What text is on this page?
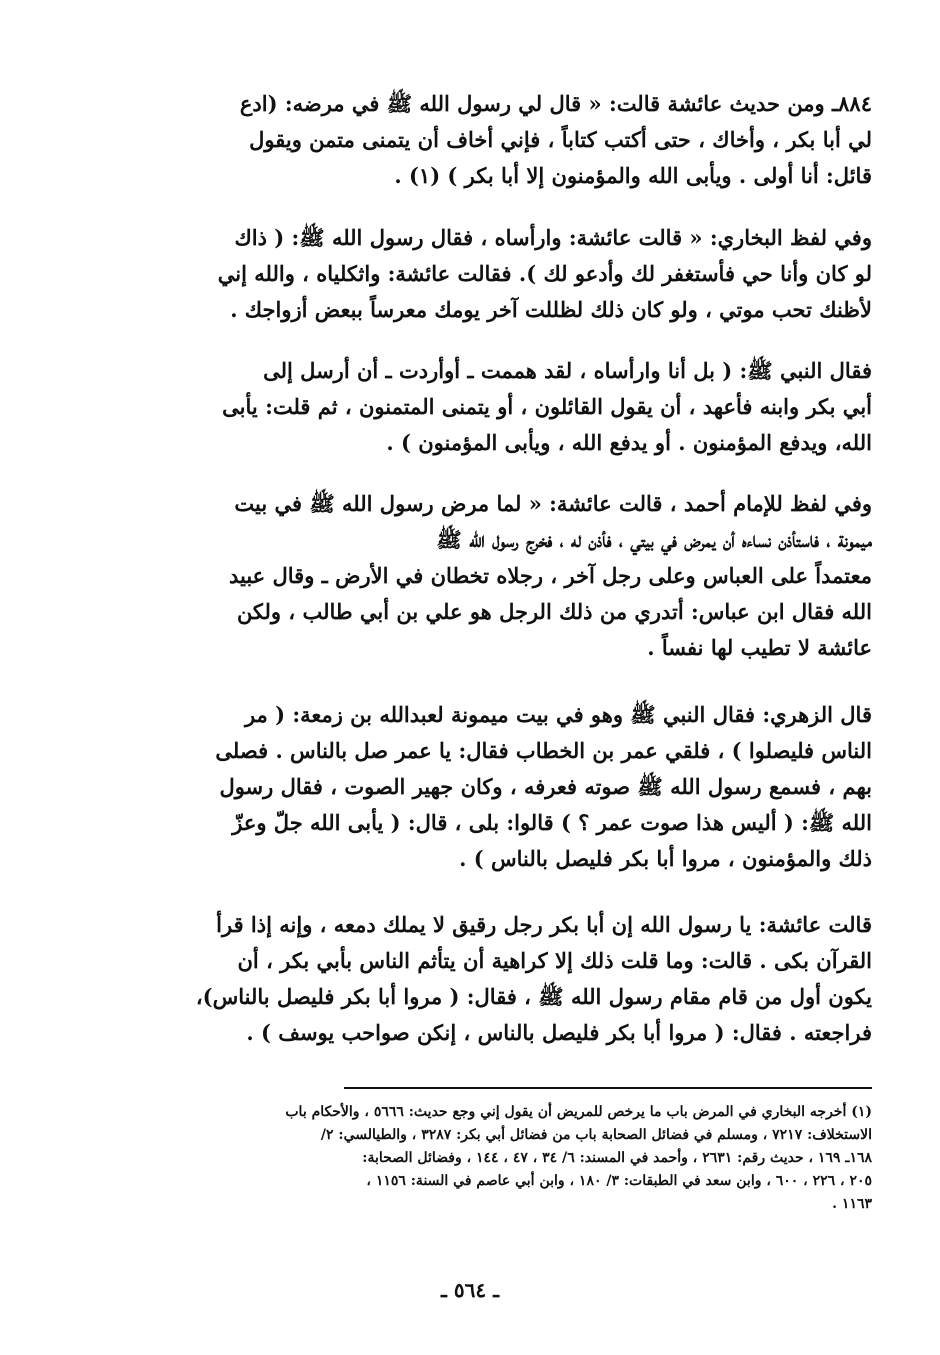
٨٨٤ـ ومن حديث عائشة قالت: « قال لي رسول الله ﷺ في مرضه: (ادع
لي أبا بكر ، وأخاك ، حتى أكتب كتاباً ، فإني أخاف أن يتمنى متمن ويقول
قائل: أنا أولى . ويأبى الله والمؤمنون إلا أبا بكر ) (١) .
وفي لفظ البخاري: « قالت عائشة: وارأساه ، فقال رسول الله ﷺ: ( ذاك
لو كان وأنا حي فأستغفر لك وأدعو لك ). فقالت عائشة: واثكلياه ، والله إني
لأظنك تحب موتي ، ولو كان ذلك لظللت آخر يومك معرساً ببعض أزواجك .
فقال النبي ﷺ: ( بل أنا وارأساه ، لقد هممت ـ أوأردت ـ أن أرسل إلى
أبي بكر وابنه فأعهد ، أن يقول القائلون ، أو يتمنى المتمنون ، ثم قلت: يأبى
الله، ويدفع المؤمنون . أو يدفع الله ، ويأبى المؤمنون ) .
وفي لفظ للإمام أحمد ، قالت عائشة: « لما مرض رسول الله ﷺ في بيت
ميمونة ، فاستأذن نساءه أن يمرض في بيتي ، فأذن له ، فخرج رسول الله ﷺ
معتمداً على العباس وعلى رجل آخر ، رجلاه تخطان في الأرض ـ وقال عبيد
الله فقال ابن عباس: أتدري من ذلك الرجل هو علي بن أبي طالب ، ولكن
عائشة لا تطيب لها نفساً .
قال الزهري: فقال النبي ﷺ وهو في بيت ميمونة لعبدالله بن زمعة: ( مر
الناس فليصلوا ) ، فلقي عمر بن الخطاب فقال: يا عمر صل بالناس . فصلى
بهم ، فسمع رسول الله ﷺ صوته فعرفه ، وكان جهير الصوت ، فقال رسول
الله ﷺ: ( أليس هذا صوت عمر ؟ ) قالوا: بلى ، قال: ( يأبى الله جلّ وعزّ
ذلك والمؤمنون ، مروا أبا بكر فليصل بالناس ) .
قالت عائشة: يا رسول الله إن أبا بكر رجل رقيق لا يملك دمعه ، وإنه إذا قرأ
القرآن بكى . قالت: وما قلت ذلك إلا كراهية أن يتأثم الناس بأبي بكر ، أن
يكون أول من قام مقام رسول الله ﷺ ، فقال: ( مروا أبا بكر فليصل بالناس)،
فراجعته . فقال: ( مروا أبا بكر فليصل بالناس ، إنكن صواحب يوسف ) .
(١) أخرجه البخاري في المرض باب ما يرخص للمريض أن يقول إني وجع حديث: ٥٦٦٦ ، والأحكام باب
الاستخلاف: ٧٢١٧ ، ومسلم في فضائل الصحابة باب من فضائل أبي بكر: ٣٢٨٧ ، والطيالسي: ٢/
١٦٨ـ ١٦٩ ، حديث رقم: ٢٦٣١ ، وأحمد في المسند: ٦/ ٣٤ ، ٤٧ ، ١٤٤ ، وفضائل الصحابة:
٢٠٥ ، ٢٢٦ ، ٦٠٠ ، وابن سعد في الطبقات: ٣/ ١٨٠ ، وابن أبي عاصم في السنة: ١١٥٦ ،
١١٦٣ .
ـ ٥٦٤ ـ
